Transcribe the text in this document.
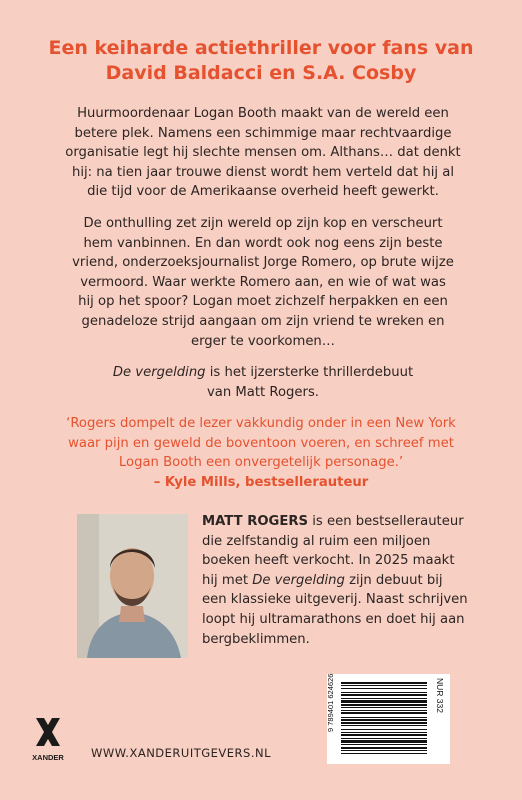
Een keiharde actiethriller voor fans van
David Baldacci en S.A. Cosby
Huurmoordenaar Logan Booth maakt van de wereld een
betere plek. Namens een schimmige maar rechtvaardige
organisatie legt hij slechte mensen om. Althans… dat denkt
hij: na tien jaar trouwe dienst wordt hem verteld dat hij al
die tijd voor de Amerikaanse overheid heeft gewerkt.
De onthulling zet zijn wereld op zijn kop en verscheurt
hem vanbinnen. En dan wordt ook nog eens zijn beste
vriend, onderzoeksjournalist Jorge Romero, op brute wijze
vermoord. Waar werkte Romero aan, en wie of wat was
hij op het spoor? Logan moet zichzelf herpakken en een
genadeloze strijd aangaan om zijn vriend te wreken en
erger te voorkomen…
De vergelding is het ijzersterke thrillerdebuut
van Matt Rogers.
‘Rogers dompelt de lezer vakkundig onder in een New York
waar pijn en geweld de boventoon voeren, en schreef met
Logan Booth een onvergetelijk personage.’
– Kyle Mills, bestsellerauteur
MATT ROGERS is een bestsellerauteur
die zelfstandig al ruim een miljoen
boeken heeft verkocht. In 2025 maakt
hij met De vergelding zijn debuut bij
een klassieke uitgeverij. Naast schrijven
loopt hij ultramarathons en doet hij aan
bergbeklimmen.
9 789401 624626	NUR 332
XANDER WWW.XANDERUITGEVERS.NL
